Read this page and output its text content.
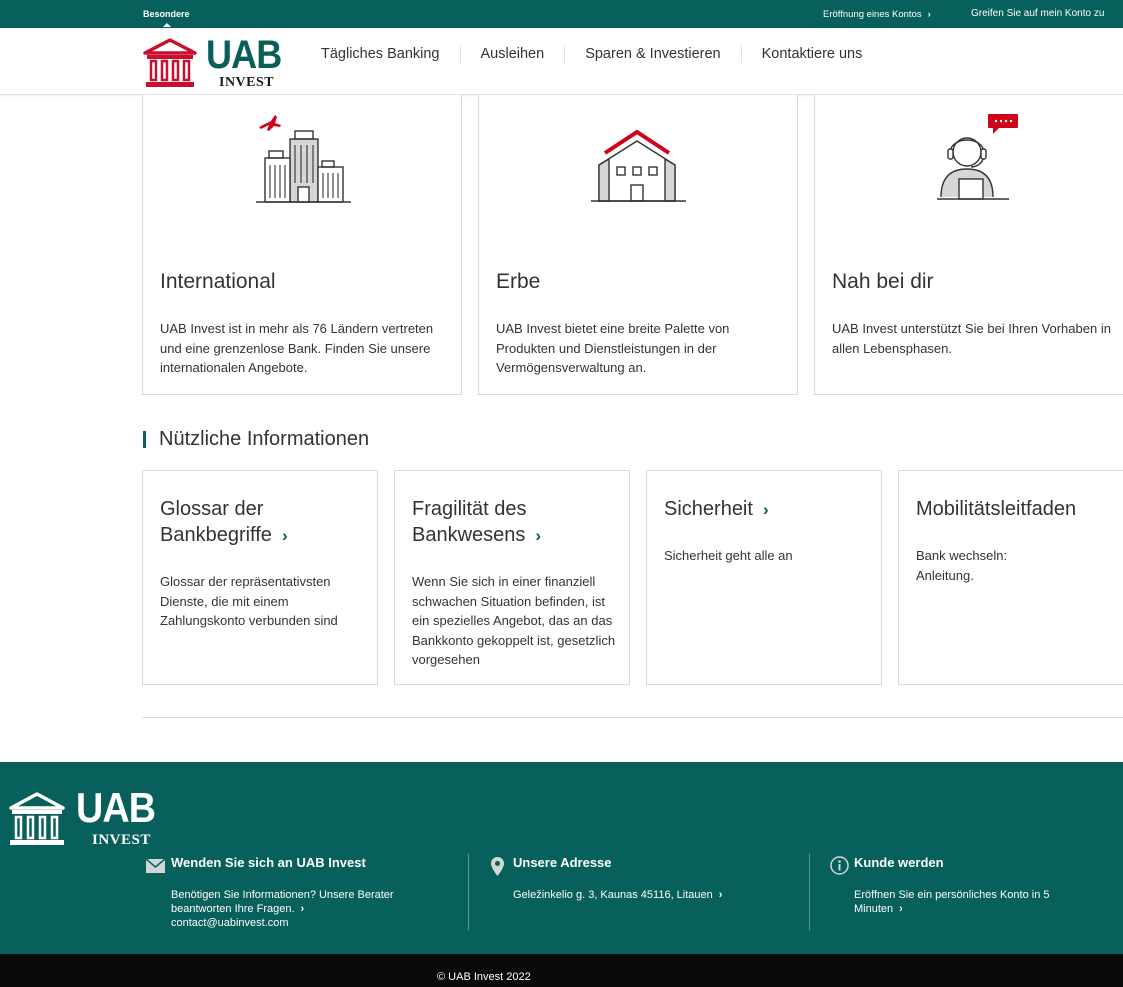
Besondere	Eröffnung eines Kontos ›	Greifen Sie auf mein Konto zu
UAB
INVEST
Tägliches Banking	Ausleihen	Sparen & Investieren	Kontaktiere uns
International
UAB Invest ist in mehr als 76 Ländern vertreten und eine grenzenlose Bank. Finden Sie unsere internationalen Angebote.
Erbe
UAB Invest bietet eine breite Palette von Produkten und Dienstleistungen in der Vermögensverwaltung an.
Nah bei dir
UAB Invest unterstützt Sie bei Ihren Vorhaben in allen Lebensphasen.
Nützliche Informationen
Glossar der
Bankbegriffe ›
Glossar der repräsentativsten Dienste, die mit einem Zahlungskonto verbunden sind
Fragilität des
Bankwesens ›
Wenn Sie sich in einer finanziell schwachen Situation befinden, ist ein spezielles Angebot, das an das Bankkonto gekoppelt ist, gesetzlich vorgesehen
Sicherheit ›
Sicherheit geht alle an
Mobilitätsleitfaden
Bank wechseln:
Anleitung.
UAB
INVEST
Wenden Sie sich an UAB Invest
Benötigen Sie Informationen? Unsere Berater
beantworten Ihre Fragen. ›
contact@uabinvest.com
Unsere Adresse
Geležinkelio g. 3, Kaunas 45116, Litauen ›
Kunde werden
Eröffnen Sie ein persönliches Konto in 5
Minuten ›
© UAB Invest 2022
